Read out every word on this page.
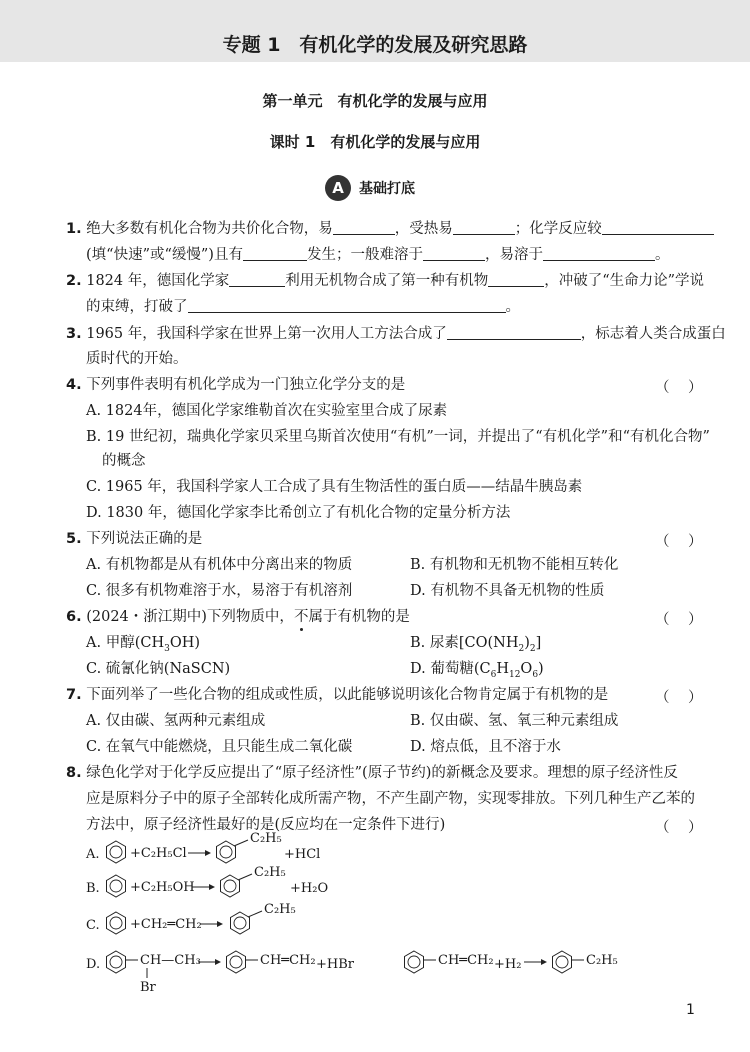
专题 1　有机化学的发展及研究思路
第一单元　有机化学的发展与应用
课时 1　有机化学的发展与应用
A	基础打底
1. 绝大多数有机化合物为共价化合物，易	，受热易	；化学反应较
(填“快速”或“缓慢”)且有	发生；一般难溶于	，易溶于	。
2. 1824 年，德国化学家	利用无机物合成了第一种有机物	，冲破了“生命力论”学说
的束缚，打破了	。
3. 1965 年，我国科学家在世界上第一次用人工方法合成了	，标志着人类合成蛋白
质时代的开始。
4. 下列事件表明有机化学成为一门独立化学分支的是	（　）
A. 1824年，德国化学家维勒首次在实验室里合成了尿素
B. 19 世纪初，瑞典化学家贝采里乌斯首次使用“有机”一词，并提出了“有机化学”和“有机化合物”
的概念
C. 1965 年，我国科学家人工合成了具有生物活性的蛋白质——结晶牛胰岛素
D. 1830 年，德国化学家李比希创立了有机化合物的定量分析方法
5. 下列说法正确的是	（　）
A. 有机物都是从有机体中分离出来的物质	B. 有机物和无机物不能相互转化
C. 很多有机物难溶于水，易溶于有机溶剂	D. 有机物不具备无机物的性质
6. (2024・浙江期中)下列物质中，不属于有机物的是	（　）
A. 甲醇$(CH_3OH)$	B. 尿素$[CO(NH_2)_2]$
C. 硫氰化钠(NaSCN)	D. 葡萄糖$(C_6H_{12}O_6)$
7. 下面列举了一些化合物的组成或性质，以此能够说明该化合物肯定属于有机物的是	（　）
A. 仅由碳、氢两种元素组成	B. 仅由碳、氢、氧三种元素组成
C. 在氧气中能燃烧，且只能生成二氧化碳	D. 熔点低，且不溶于水
8. 绿色化学对于化学反应提出了“原子经济性”(原子节约)的新概念及要求。理想的原子经济性反
应是原料分子中的原子全部转化成所需产物，不产生副产物，实现零排放。下列几种生产乙苯的
方法中，原子经济性最好的是(反应均在一定条件下进行)	（　）
A. +C₂H₅Cl
C₂H₅
+HCl
B. +C₂H₅OH
C₂H₅
+H₂O
C. +CH₂═CH₂
C₂H₅
D.	CH—CH₃
Br
CH═CH₂ +HBr	CH═CH₂ +H₂	C₂H₅
1
